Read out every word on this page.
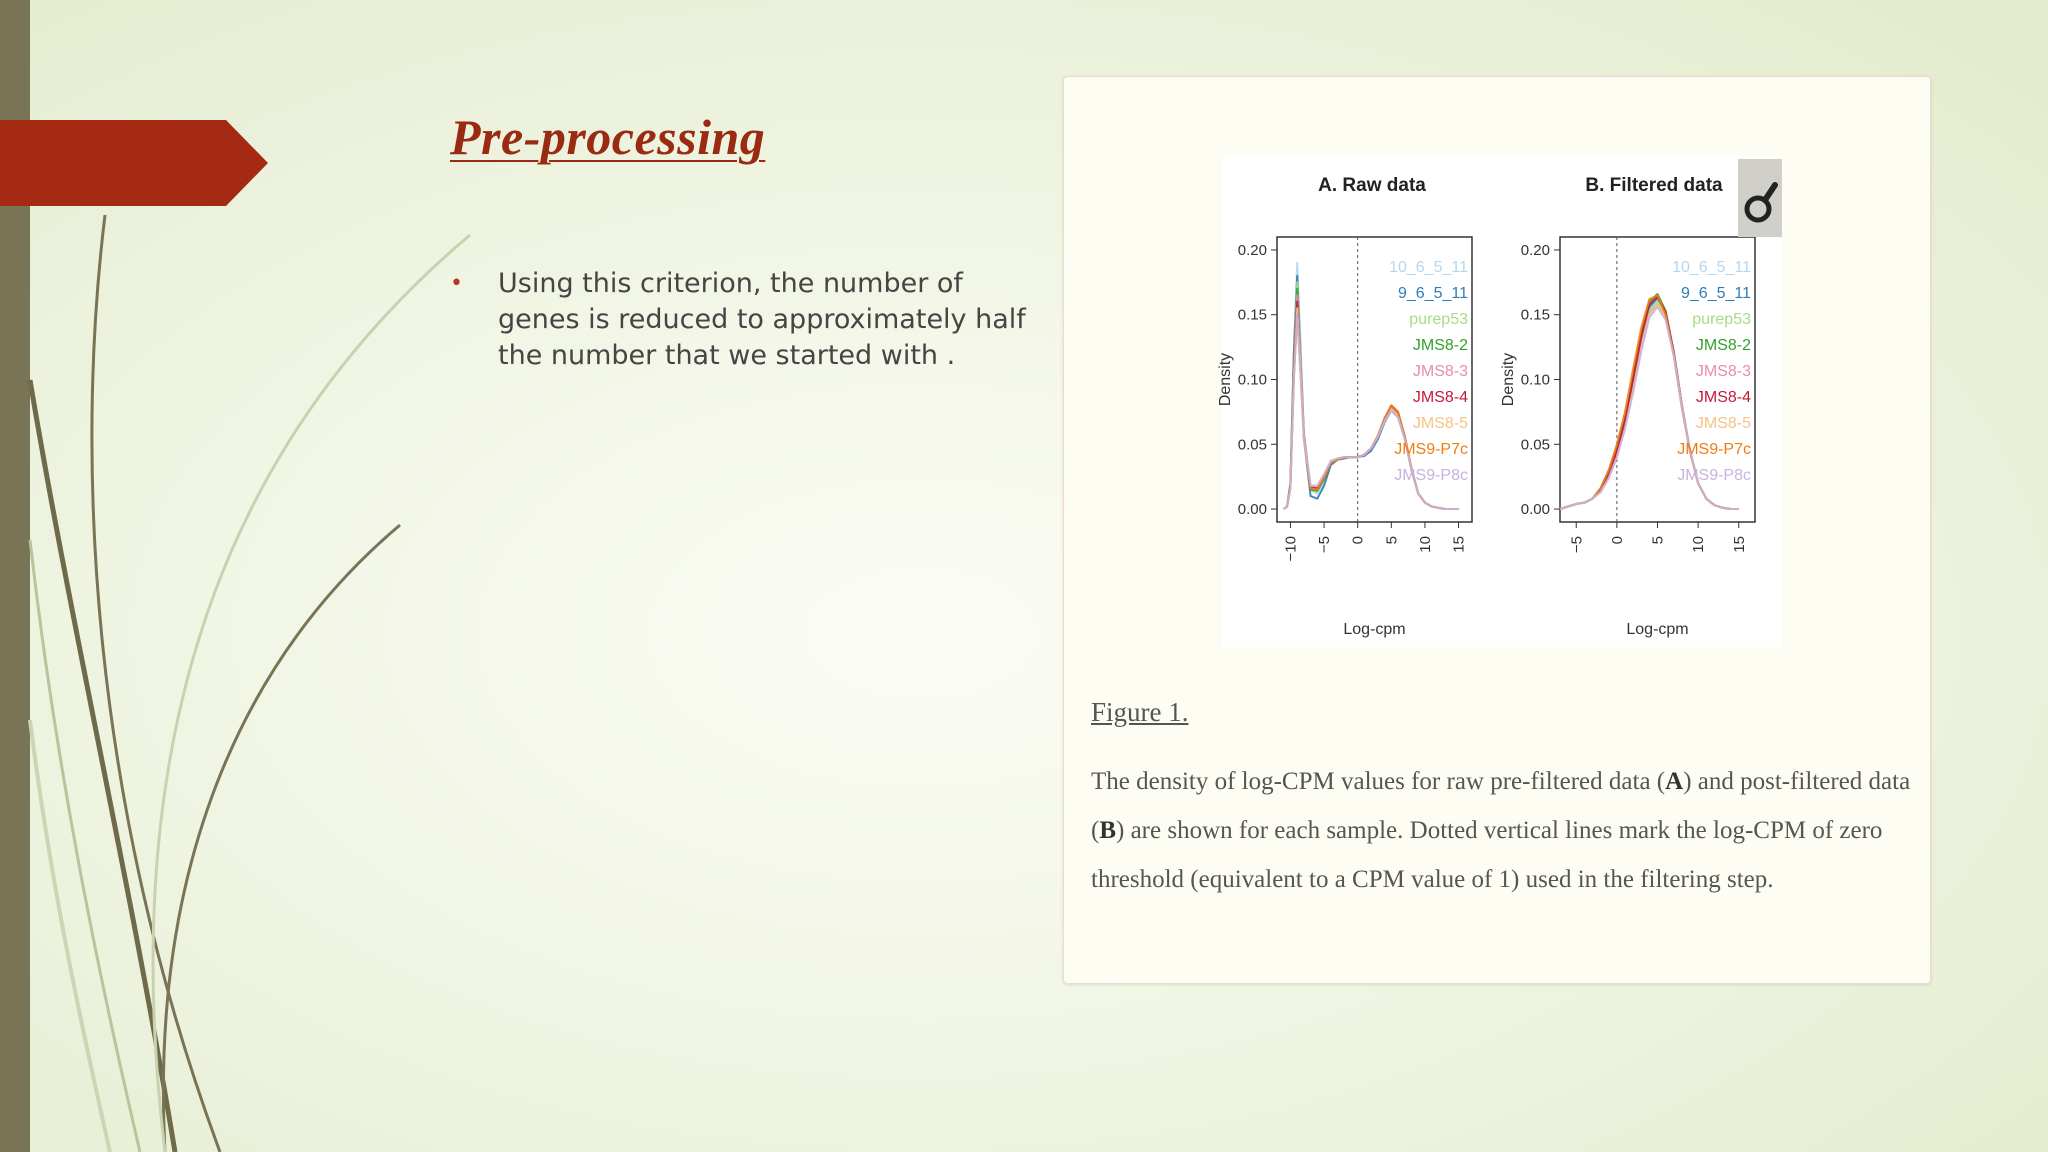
Pre-processing
• Using this criterion, the number of genes is reduced to approximately half the number that we started with .
A. Raw data
0.00
0.05
0.10
0.15
0.20
−10 −5 0 5 10 15
Log-cpm
Density
10_6_5_11
9_6_5_11
purep53
JMS8-2
JMS8-3
JMS8-4
JMS8-5
JMS9-P7c
JMS9-P8c
B. Filtered data
0.00
0.05
0.10
0.15
0.20
−5 0 5 10 15
Log-cpm
Density
10_6_5_11
9_6_5_11
purep53
JMS8-2
JMS8-3
JMS8-4
JMS8-5
JMS9-P7c
JMS9-P8c

Figure 1.

The density of log-CPM values for raw pre-filtered data (A) and post-filtered data (B) are shown for each sample. Dotted vertical lines mark the log-CPM of zero threshold (equivalent to a CPM value of 1) used in the filtering step.
